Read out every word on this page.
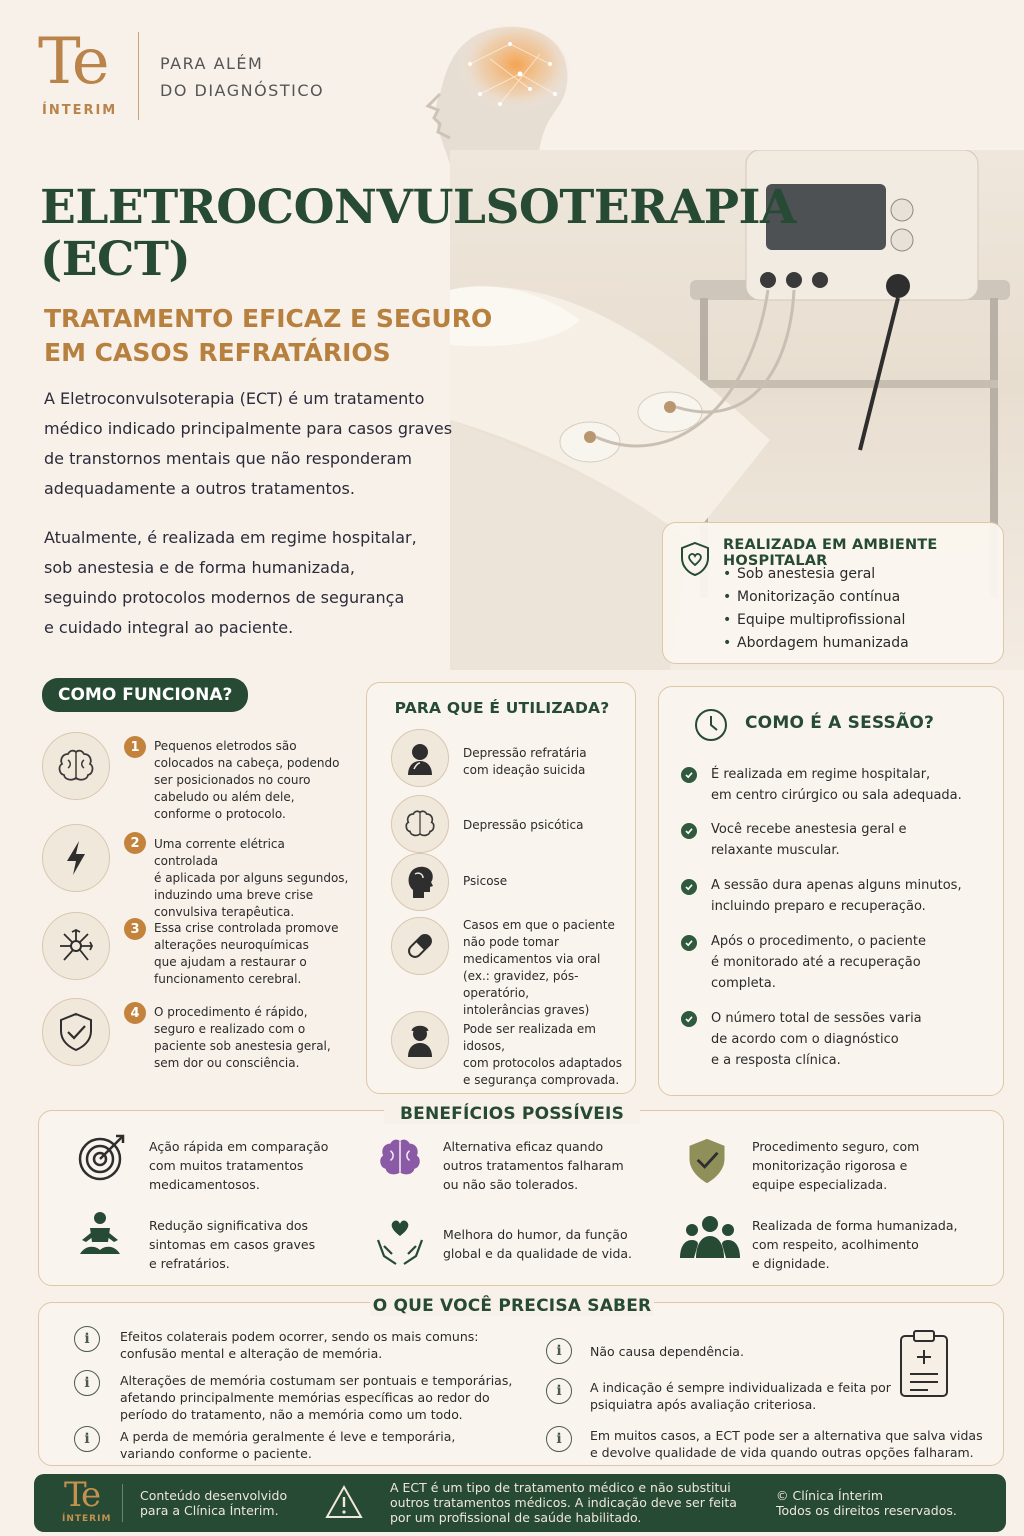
Te
ÍNTERIM
PARA ALÉM
DO DIAGNÓSTICO
ELETROCONVULSOTERAPIA
(ECT)
TRATAMENTO EFICAZ E SEGURO
EM CASOS REFRATÁRIOS
A Eletroconvulsoterapia (ECT) é um tratamento
médico indicado principalmente para casos graves
de transtornos mentais que não responderam
adequadamente a outros tratamentos.
Atualmente, é realizada em regime hospitalar,
sob anestesia e de forma humanizada,
seguindo protocolos modernos de segurança
e cuidado integral ao paciente.
REALIZADA EM AMBIENTE HOSPITALAR
• Sob anestesia geral
• Monitorização contínua
• Equipe multiprofissional
• Abordagem humanizada
COMO FUNCIONA?
1	Pequenos eletrodos são
colocados na cabeça, podendo
ser posicionados no couro
cabeludo ou além dele,
conforme o protocolo.
2	Uma corrente elétrica controlada
é aplicada por alguns segundos,
induzindo uma breve crise
convulsiva terapêutica.
3	Essa crise controlada promove
alterações neuroquímicas
que ajudam a restaurar o
funcionamento cerebral.
4	O procedimento é rápido,
seguro e realizado com o
paciente sob anestesia geral,
sem dor ou consciência.
PARA QUE É UTILIZADA?
Depressão refratária
com ideação suicida
Depressão psicótica
Psicose
Casos em que o paciente
não pode tomar
medicamentos via oral
(ex.: gravidez, pós-operatório,
intolerâncias graves)
Pode ser realizada em idosos,
com protocolos adaptados
e segurança comprovada.
COMO É A SESSÃO?
É realizada em regime hospitalar,
em centro cirúrgico ou sala adequada.
Você recebe anestesia geral e
relaxante muscular.
A sessão dura apenas alguns minutos,
incluindo preparo e recuperação.
Após o procedimento, o paciente
é monitorado até a recuperação
completa.
O número total de sessões varia
de acordo com o diagnóstico
e a resposta clínica.
BENEFÍCIOS POSSÍVEIS
Ação rápida em comparação
com muitos tratamentos
medicamentosos.
Alternativa eficaz quando
outros tratamentos falharam
ou não são tolerados.
Procedimento seguro, com
monitorização rigorosa e
equipe especializada.
Redução significativa dos
sintomas em casos graves
e refratários.
Melhora do humor, da função
global e da qualidade de vida.
Realizada de forma humanizada,
com respeito, acolhimento
e dignidade.
O QUE VOCÊ PRECISA SABER
i	Efeitos colaterais podem ocorrer, sendo os mais comuns:
confusão mental e alteração de memória.
i	Alterações de memória costumam ser pontuais e temporárias,
afetando principalmente memórias específicas ao redor do
período do tratamento, não a memória como um todo.
i	A perda de memória geralmente é leve e temporária,
variando conforme o paciente.
i	Não causa dependência.
i	A indicação é sempre individualizada e feita por
psiquiatra após avaliação criteriosa.
i	Em muitos casos, a ECT pode ser a alternativa que salva vidas
e devolve qualidade de vida quando outras opções falharam.
Te
ÍNTERIM
Conteúdo desenvolvido
para a Clínica Ínterim.
A ECT é um tipo de tratamento médico e não substitui
outros tratamentos médicos. A indicação deve ser feita
por um profissional de saúde habilitado.
© Clínica Ínterim
Todos os direitos reservados.
